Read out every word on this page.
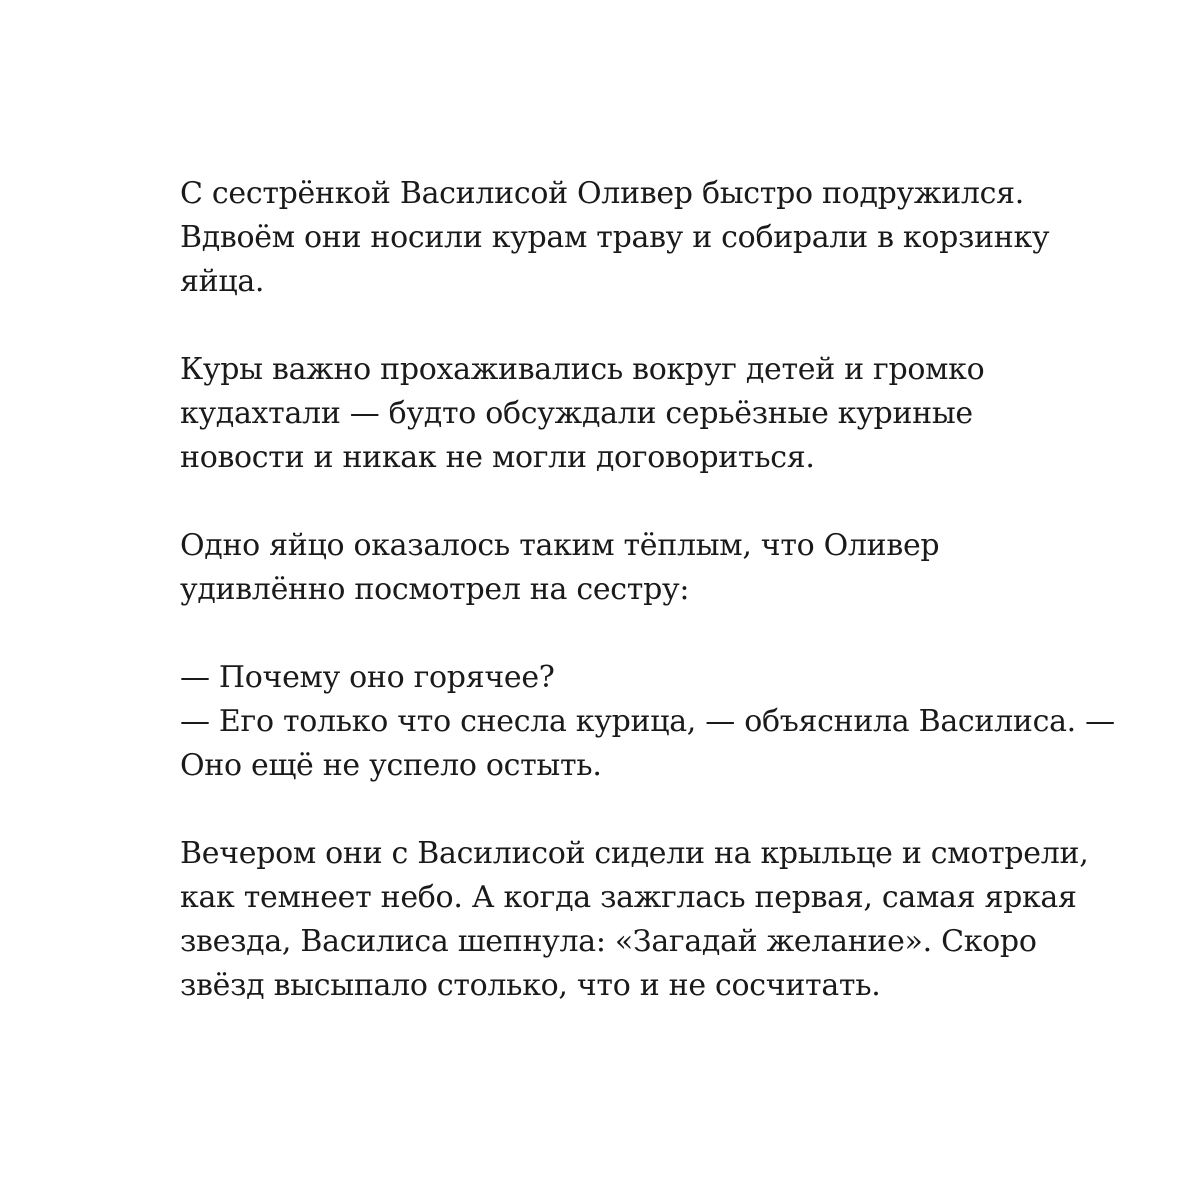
С сестрёнкой Василисой Оливер быстро подружился.
Вдвоём они носили курам траву и собирали в корзинку
яйца.

Куры важно прохаживались вокруг детей и громко
кудахтали — будто обсуждали серьёзные куриные
новости и никак не могли договориться.

Одно яйцо оказалось таким тёплым, что Оливер
удивлённо посмотрел на сестру:

— Почему оно горячее?
— Его только что снесла курица, — объяснила Василиса. —
Оно ещё не успело остыть.

Вечером они с Василисой сидели на крыльце и смотрели,
как темнеет небо. А когда зажглась первая, самая яркая
звезда, Василиса шепнула: «Загадай желание». Скоро
звёзд высыпало столько, что и не сосчитать.
